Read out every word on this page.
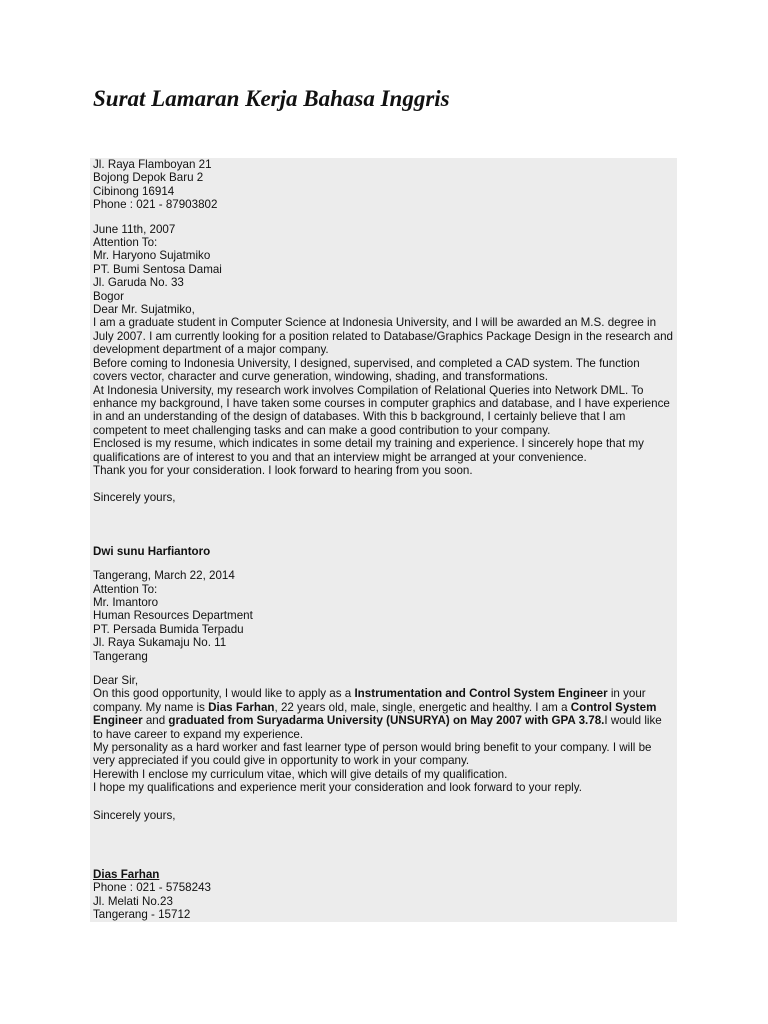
Surat Lamaran Kerja Bahasa Inggris
Jl. Raya Flamboyan 21
Bojong Depok Baru 2
Cibinong 16914
Phone : 021 - 87903802
June 11th, 2007
Attention To:
Mr. Haryono Sujatmiko
PT. Bumi Sentosa Damai
Jl. Garuda No. 33
Bogor
Dear Mr. Sujatmiko,
I am a graduate student in Computer Science at Indonesia University, and I will be awarded an M.S. degree in
July 2007. I am currently looking for a position related to Database/Graphics Package Design in the research and
development department of a major company.
Before coming to Indonesia University, I designed, supervised, and completed a CAD system. The function
covers vector, character and curve generation, windowing, shading, and transformations.
At Indonesia University, my research work involves Compilation of Relational Queries into Network DML. To
enhance my background, I have taken some courses in computer graphics and database, and I have experience
in and an understanding of the design of databases. With this b background, I certainly believe that I am
competent to meet challenging tasks and can make a good contribution to your company.
Enclosed is my resume, which indicates in some detail my training and experience. I sincerely hope that my
qualifications are of interest to you and that an interview might be arranged at your convenience.
Thank you for your consideration. I look forward to hearing from you soon.
Sincerely yours,
Dwi sunu Harfiantoro
Tangerang, March 22, 2014
Attention To:
Mr. Imantoro
Human Resources Department
PT. Persada Bumida Terpadu
Jl. Raya Sukamaju No. 11
Tangerang
Dear Sir,
On this good opportunity, I would like to apply as a Instrumentation and Control System Engineer in your
company. My name is Dias Farhan, 22 years old, male, single, energetic and healthy. I am a Control System
Engineer and graduated from Suryadarma University (UNSURYA) on May 2007 with GPA 3.78.I would like
to have career to expand my experience.
My personality as a hard worker and fast learner type of person would bring benefit to your company. I will be
very appreciated if you could give in opportunity to work in your company.
Herewith I enclose my curriculum vitae, which will give details of my qualification.
I hope my qualifications and experience merit your consideration and look forward to your reply.
Sincerely yours,
Dias Farhan
Phone : 021 - 5758243
Jl. Melati No.23
Tangerang - 15712
